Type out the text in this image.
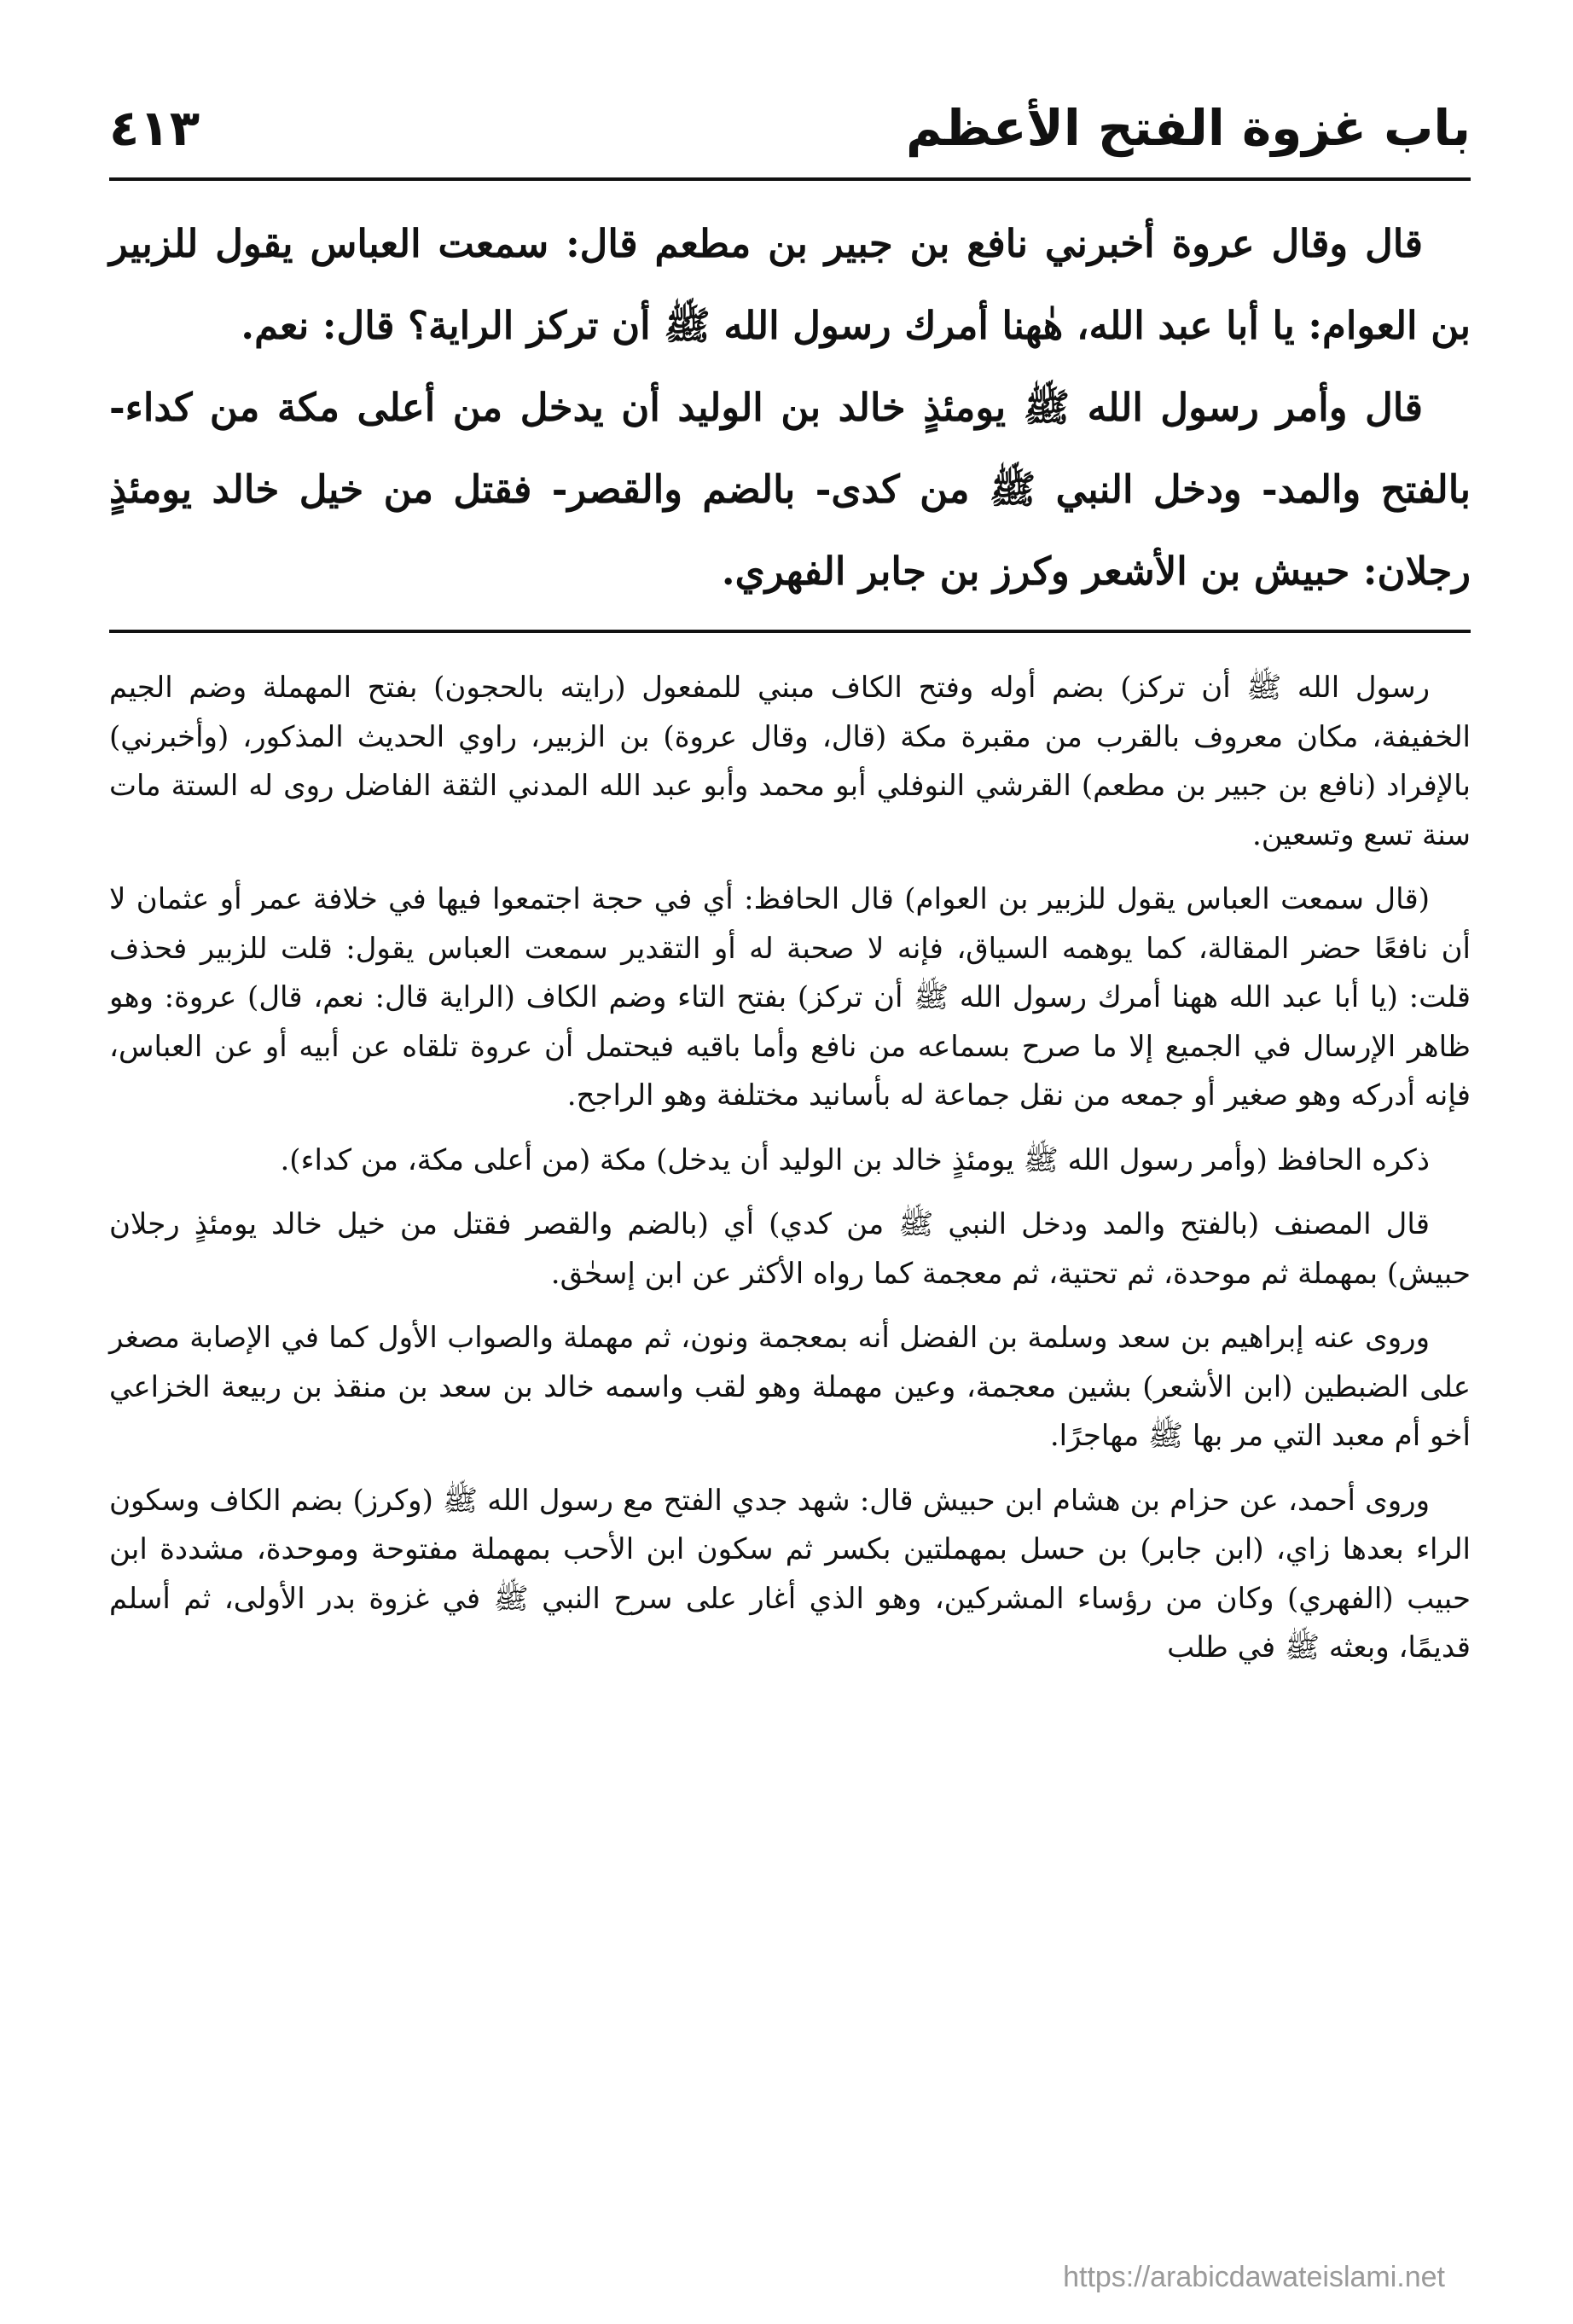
باب غزوة الفتح الأعظم
٤١٣

قال وقال عروة أخبرني نافع بن جبير بن مطعم قال: سمعت العباس يقول للزبير بن العوام: يا أبا عبد الله، هٰهنا أمرك رسول الله ﷺ أن تركز الراية؟ قال: نعم.

قال وأمر رسول الله ﷺ يومئذٍ خالد بن الوليد أن يدخل من أعلى مكة من كداء- بالفتح والمد- ودخل النبي ﷺ من كدى- بالضم والقصر- فقتل من خيل خالد يومئذٍ رجلان: حبيش بن الأشعر وكرز بن جابر الفهري.

رسول الله ﷺ أن تركز) بضم أوله وفتح الكاف مبني للمفعول (رايته بالحجون) بفتح المهملة وضم الجيم الخفيفة، مكان معروف بالقرب من مقبرة مكة (قال، وقال عروة) بن الزبير، راوي الحديث المذكور، (وأخبرني) بالإفراد (نافع بن جبير بن مطعم) القرشي النوفلي أبو محمد وأبو عبد الله المدني الثقة الفاضل روى له الستة مات سنة تسع وتسعين.

(قال سمعت العباس يقول للزبير بن العوام) قال الحافظ: أي في حجة اجتمعوا فيها في خلافة عمر أو عثمان لا أن نافعًا حضر المقالة، كما يوهمه السياق، فإنه لا صحبة له أو التقدير سمعت العباس يقول: قلت للزبير فحذف قلت: (يا أبا عبد الله ههنا أمرك رسول الله ﷺ أن تركز) بفتح التاء وضم الكاف (الراية قال: نعم، قال) عروة: وهو ظاهر الإرسال في الجميع إلا ما صرح بسماعه من نافع وأما باقيه فيحتمل أن عروة تلقاه عن أبيه أو عن العباس، فإنه أدركه وهو صغير أو جمعه من نقل جماعة له بأسانيد مختلفة وهو الراجح.

ذكره الحافظ (وأمر رسول الله ﷺ يومئذٍ خالد بن الوليد أن يدخل) مكة (من أعلى مكة، من كداء).

قال المصنف (بالفتح والمد ودخل النبي ﷺ من كدي) أي (بالضم والقصر فقتل من خيل خالد يومئذٍ رجلان حبيش) بمهملة ثم موحدة، ثم تحتية، ثم معجمة كما رواه الأكثر عن ابن إسحٰق.

وروى عنه إبراهيم بن سعد وسلمة بن الفضل أنه بمعجمة ونون، ثم مهملة والصواب الأول كما في الإصابة مصغر على الضبطين (ابن الأشعر) بشين معجمة، وعين مهملة وهو لقب واسمه خالد بن سعد بن منقذ بن ربيعة الخزاعي أخو أم معبد التي مر بها ﷺ مهاجرًا.

وروى أحمد، عن حزام بن هشام ابن حبيش قال: شهد جدي الفتح مع رسول الله ﷺ (وكرز) بضم الكاف وسكون الراء بعدها زاي، (ابن جابر) بن حسل بمهملتين بكسر ثم سكون ابن الأحب بمهملة مفتوحة وموحدة، مشددة ابن حبيب (الفهري) وكان من رؤساء المشركين، وهو الذي أغار على سرح النبي ﷺ في غزوة بدر الأولى، ثم أسلم قديمًا، وبعثه ﷺ في طلب

https://arabicdawateislami.net
